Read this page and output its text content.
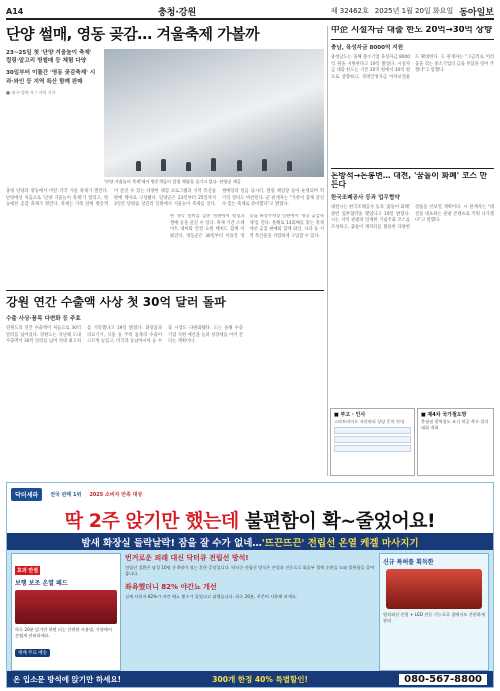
A14	충청·강원	제 32462호 2025년 1월 20일 화요일 동아일보
단양 썰매, 영동 곶감… 겨울축제 가볼까
23~25일 첫 '단양 겨울놀이 축제' 컬링·알고리 빙썰매 등 체험 다양
30일부터 이틀간 '영동 곶감축제' 시과·와인 등 지역 특산 함께 판매
■ 대구·경북 부 / 지역 기자
'단양 겨울놀이 축제'에서 방문객들이 컬링 체험을 즐기고 있다. 단양군 제공
충청 단양과 영동에서 이달 각각 겨울 축제가 열린다. 단양에선 처음으로 '단양 겨울놀이 축제'가 열리고, 영동에선 곶감 축제가 열린다. 축제는 가족 단위 방문객이 즐길 수 있는 다양한 체험 프로그램과 지역 특산품 판매 행사로 구성됐다. 단양군은 23일부터 25일까지 3일간 단양읍 상진리 일원에서 겨울놀이 축제를 연다. 썰매장과 얼음 낚시터, 컬링 체험장 등이 운영되며 먹거리 장터도 마련된다. 군 관계자는 "가족이 함께 즐길 수 있는 축제로 준비했다"고 밝혔다.
한 냉각 설비를 갖춘 빙판에서 컬링과 썰매 등을 즐길 수 있다. 축제 기간 스케이트 대여와 안전 요원 배치도 함께 이뤄진다. 영동군은 30일부터 이틀간 영동읍 하상주차장 일원에서 '영동 곶감축제'를 연다. 올해로 14회째를 맞는 축제에선 곶감 판매와 함께 와인, 사과 등 지역 특산물을 저렴하게 구입할 수 있다.
中企 시설자금 대출 한도 20억→30억 상향
충남, 육성자금 8000억 지원
충청남도는 올해 중소기업 육성자금 8000억 원을 지원한다고 19일 밝혔다. 시설자금 대출 한도는 기존 20억 원에서 30억 원으로 상향하고, 경영안정자금 이차보전율도 확대한다. 도 관계자는 "고금리로 어려움을 겪는 중소기업의 금융 부담을 덜어 주겠다"고 말했다.
돈방석→돈봉변… 대전, '꿈돌이 화폐' 코스 만든다
한국조폐공사 등과 업무협약
대전시는 한국조폐공사 등과 '꿈돌이 화폐' 관련 업무협약을 맺었다고 19일 밝혔다. 시는 지역 관광과 연계한 기념주화 코스를 조성하고, 꿈돌이 캐릭터를 활용한 다양한 상품을 선보일 계획이다. 시 관계자는 "대전을 대표하는 관광 콘텐츠로 키워 나가겠다"고 말했다.
강원 연간 수출액 사상 첫 30억 달러 돌파
수출 사상·품목 다변화 등 주효
강원도의 연간 수출액이 처음으로 30억 달러를 넘어섰다. 강원도는 지난해 도내 수출액이 30억 달러를 넘어 역대 최고치를 기록했다고 19일 밝혔다. 화장품과 의료기기, 식품 등 주력 품목의 수출이 고르게 늘었고, 미국과 동남아시아 등 수출 시장도 다변화됐다. 도는 올해 수출 기업 지원 예산을 늘려 성장세를 이어 간다는 계획이다.
■ 부고 · 인사
스마트라이프 자산관리 상담 문의 안내
■ 제4차 국가철도망
충청권 광역철도 조기 착공 촉구 결의 대회 개최
닥터세라	전국 판매 1위 2025 소비자 만족 대상
딱 2주 앉기만 했는데
불편함이 확~줄었어요!
밤새 화장실 들락날락! 잠을 잘 수가 없네… '뜨끈뜨끈' 전립선 온열 케겔 마사지기
효과 만점
보행 보조 온열 패드
하루 20분 앉기만 하면 되는 간편한 사용법, 가정에서 손쉽게 관리하세요.
택배 무료 배송
번거로운 외래 대신 닥터큐 전립선 방석!
전립선 질환은 남성 10명 중 6명이 겪는 흔한 증상입니다. 닥터큐 전립선 방석은 온열과 진동으로 회음부 혈액 순환을 도와 불편함을 줄여 줍니다.
좌욕했더니 82% 야간뇨 개선
실제 사용자 82%가 야간 배뇨 횟수가 줄었다고 답했습니다. 하루 20분, 꾸준히 사용해 보세요.
신규 특허를 획득한
원적외선 온열 + LED 진동 기능으로 집에서도 간편하게 관리
온 입소문 방석에 앉기만 하세요!	300개 한정 40% 특별할인!	080-567-8800
